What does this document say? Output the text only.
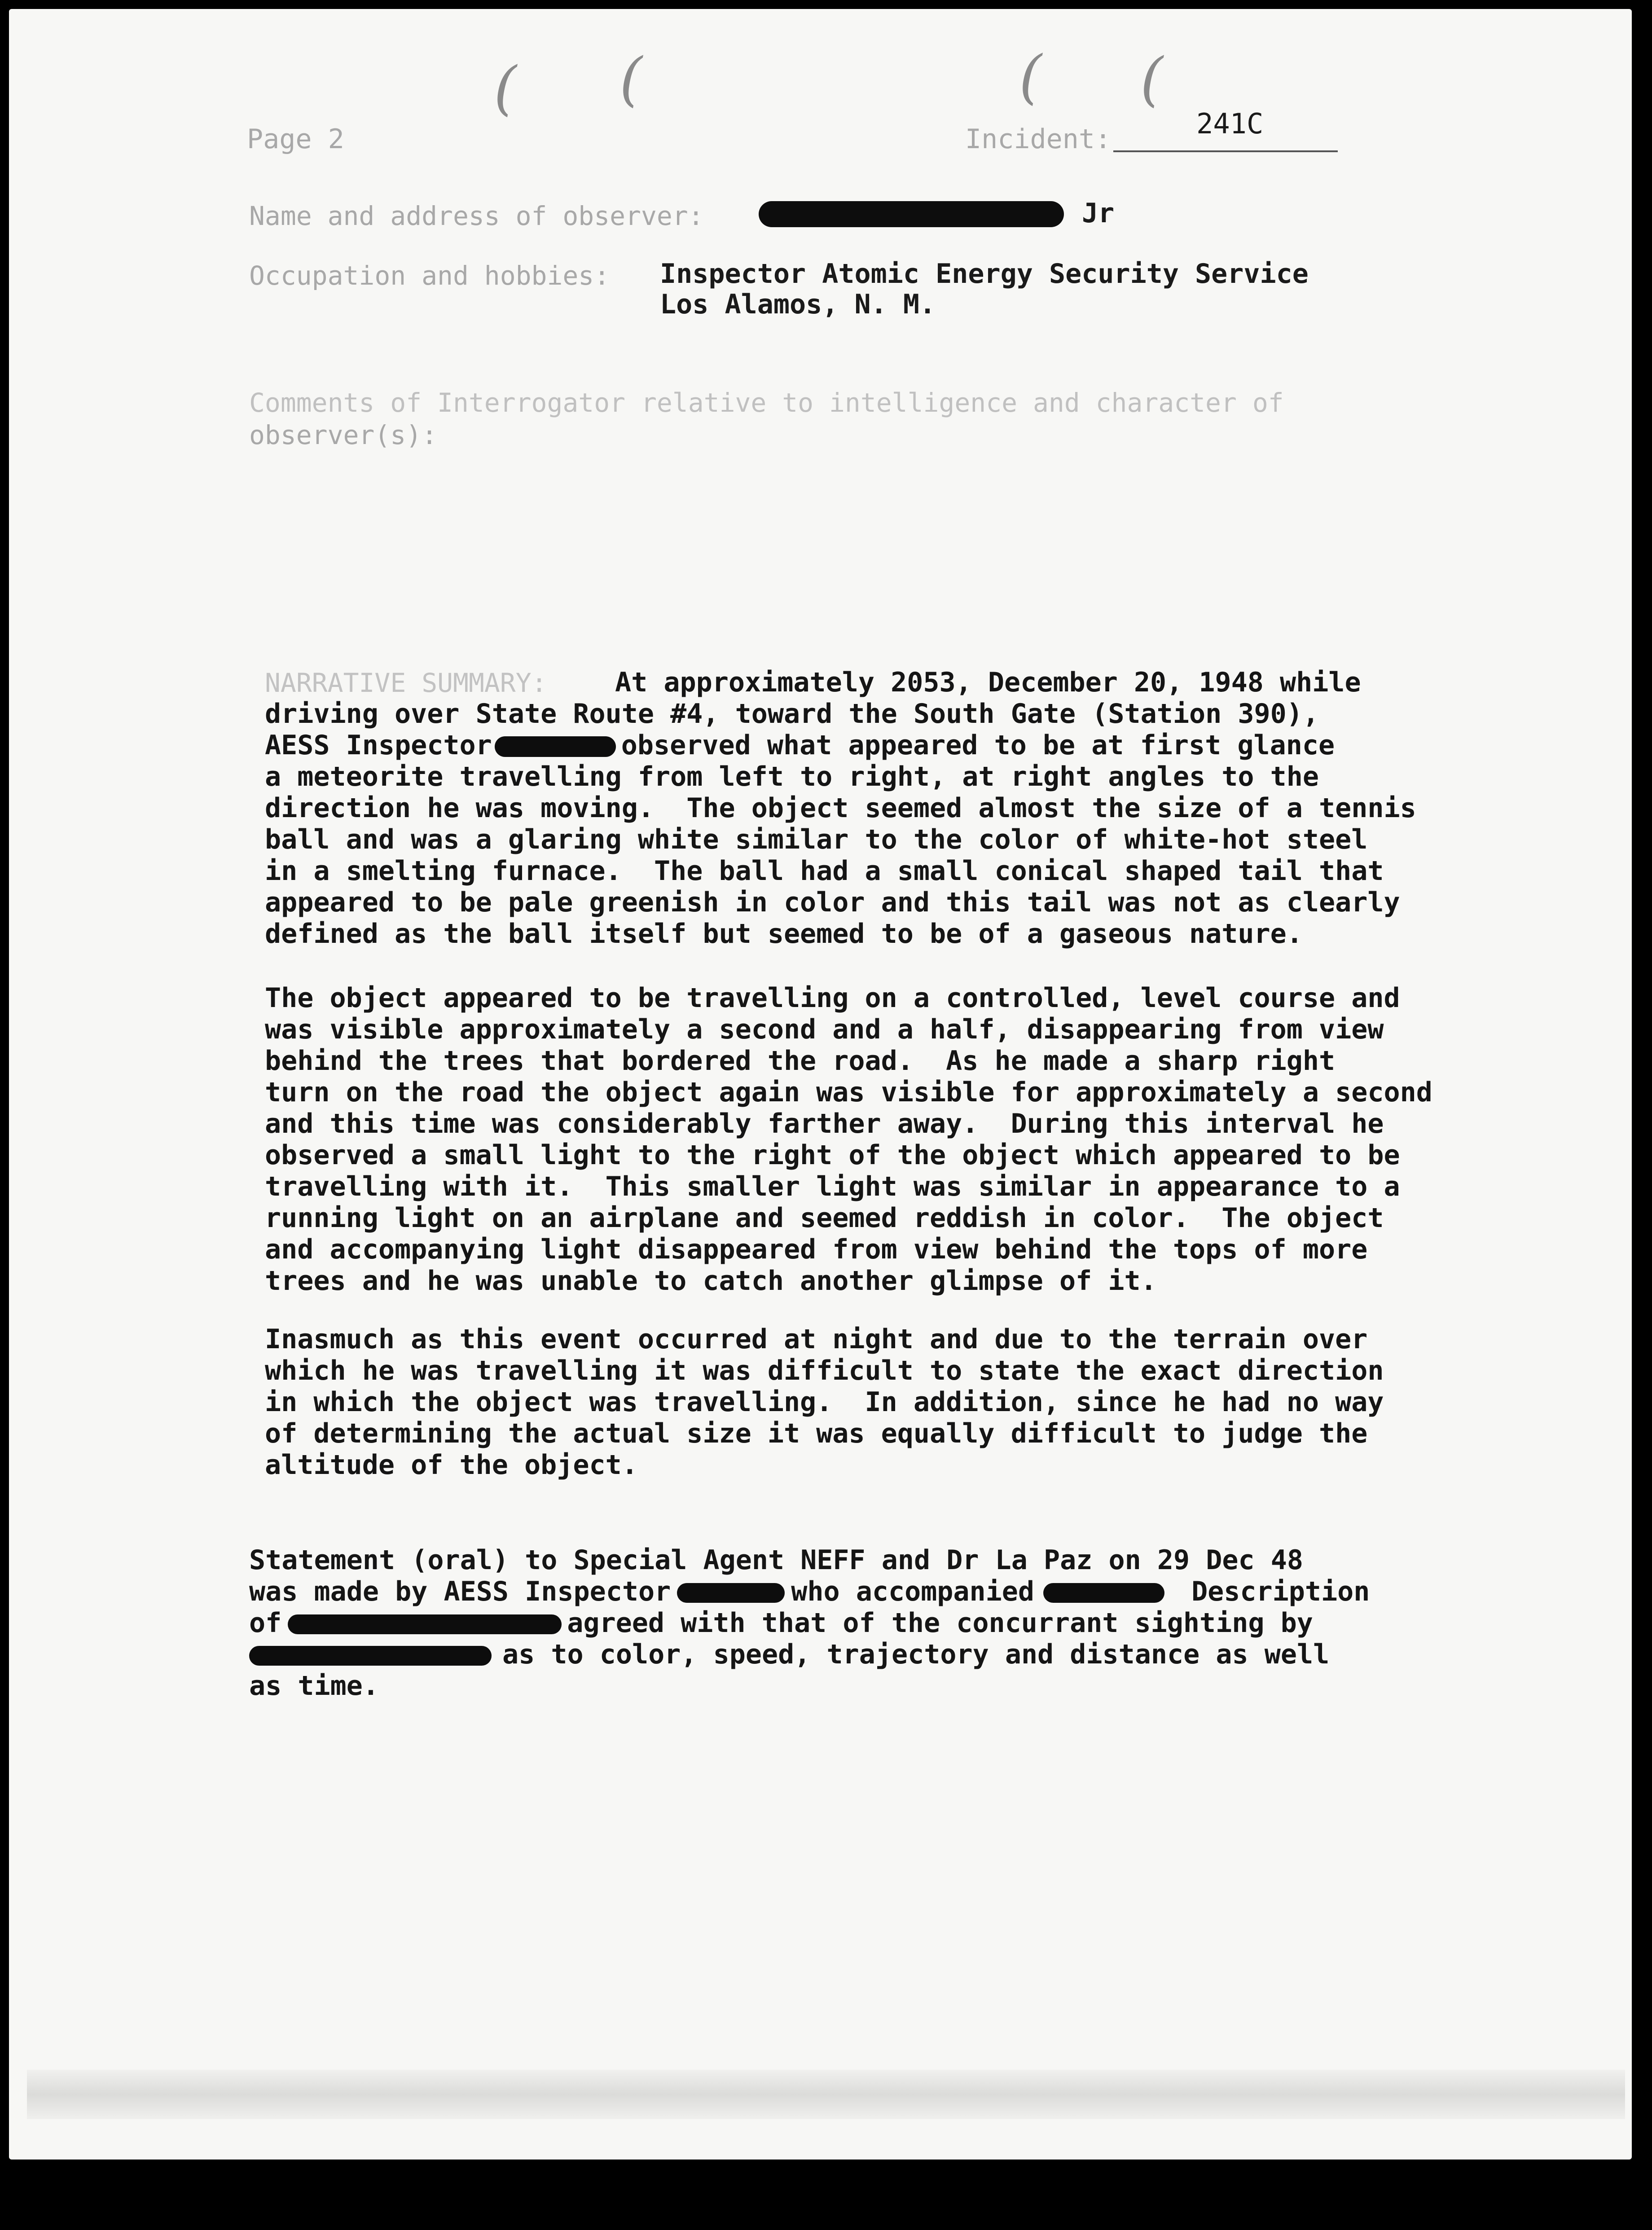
( (	( (
Page 2	Incident:	241C
Name and address of observer:	Jr
Occupation and hobbies: Inspector Atomic Energy Security Service
Los Alamos, N. M.
Comments of Interrogator relative to intelligence and character of
observer(s):
NARRATIVE SUMMARY:	At approximately 2053, December 20, 1948 while
driving over State Route #4, toward the South Gate (Station 390),
AESS Inspector	observed what appeared to be at first glance
a meteorite travelling from left to right, at right angles to the
direction he was moving.  The object seemed almost the size of a tennis
ball and was a glaring white similar to the color of white-hot steel
in a smelting furnace.  The ball had a small conical shaped tail that
appeared to be pale greenish in color and this tail was not as clearly
defined as the ball itself but seemed to be of a gaseous nature.
The object appeared to be travelling on a controlled, level course and
was visible approximately a second and a half, disappearing from view
behind the trees that bordered the road.  As he made a sharp right
turn on the road the object again was visible for approximately a second
and this time was considerably farther away.  During this interval he
observed a small light to the right of the object which appeared to be
travelling with it.  This smaller light was similar in appearance to a
running light on an airplane and seemed reddish in color.  The object
and accompanying light disappeared from view behind the tops of more
trees and he was unable to catch another glimpse of it.
Inasmuch as this event occurred at night and due to the terrain over
which he was travelling it was difficult to state the exact direction
in which the object was travelling.  In addition, since he had no way
of determining the actual size it was equally difficult to judge the
altitude of the object.
Statement (oral) to Special Agent NEFF and Dr La Paz on 29 Dec 48
was made by AESS Inspector	who accompanied	Description
of	agreed with that of the concurrant sighting by
as to color, speed, trajectory and distance as well
as time.
